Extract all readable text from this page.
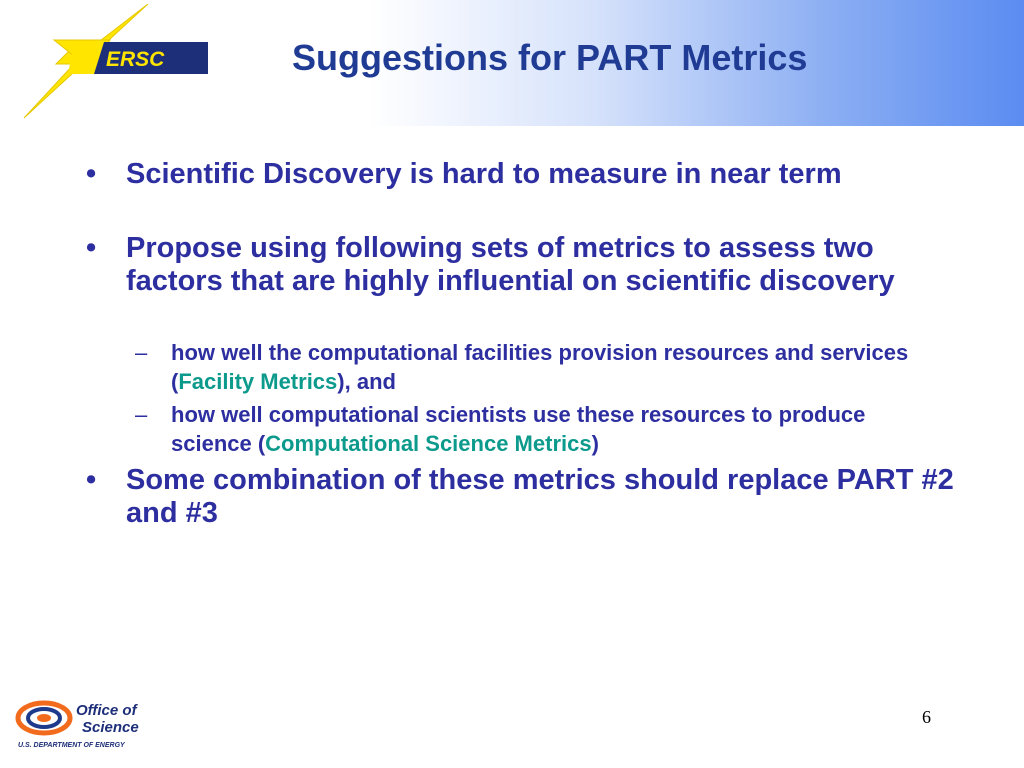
ERSC	Suggestions for PART Metrics
• Scientific Discovery is hard to measure in near term
• Propose using following sets of metrics to assess two factors that are highly influential on scientific discovery
– how well the computational facilities provision resources and services (Facility Metrics), and
– how well computational scientists use these resources to produce science (Computational Science Metrics)
• Some combination of these metrics should replace PART #2 and #3
Office of
Science
U.S. DEPARTMENT OF ENERGY
6
